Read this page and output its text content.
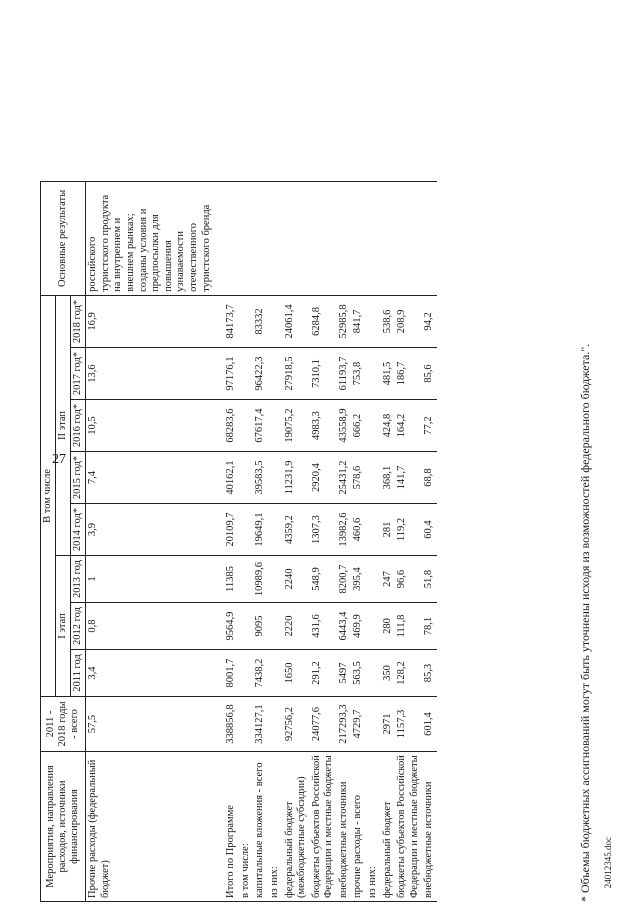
27
24012345.doc
Мероприятия, направления расходов, источники финансирования	2011 - 2018 годы - всего	В том числе								Основные результаты
		I этап			II этап					
		2011 год	2012 год	2013 год	2014 год*	2015 год*	2016 год*	2017 год*	2018 год*	
Прочие расходы (федеральный бюджет)	57,5	3,4	0,8	1	3,9	7,4	10,5	13,6	16,9	российского туристского продукта на внутреннем и внешнем рынках; созданы условия и предпосылки для повышения узнаваемости отечественного туристского бренда

Итого по Программе	338856,8	8001,7	9564,9	11385	20109,7	40162,1	68283,6	97176,1	84173,7	
в том числе:										
капитальные вложения - всего	334127,1	7438,2	9095	10989,6	19649,1	39583,5	67617,4	96422,3	83332	
из них:										
федеральный бюджет (межбюджетные субсидии)	92756,2	1650	2220	2240	4359,2	11231,9	19075,2	27918,5	24061,4	
бюджеты субъектов Российской Федерации и местные бюджеты	24077,6	291,2	431,6	548,9	1307,3	2920,4	4983,3	7310,1	6284,8	
внебюджетные источники	217293,3	5497	6443,4	8200,7	13982,6	25431,2	43558,9	61193,7	52985,8	
прочие расходы - всего	4729,7	563,5	469,9	395,4	460,6	578,6	666,2	753,8	841,7	
из них:										
федеральный бюджет	2971	350	280	247	281	368,1	424,8	481,5	538,6	
бюджеты субъектов Российской Федерации и местные бюджеты	1157,3	128,2	111,8	96,6	119,2	141,7	164,2	186,7	208,9	
внебюджетные источники	601,4	85,3	78,1	51,8	60,4	68,8	77,2	85,6	94,2	
* Объемы бюджетных ассигнований могут быть уточнены исходя из возможностей федерального бюджета.".
